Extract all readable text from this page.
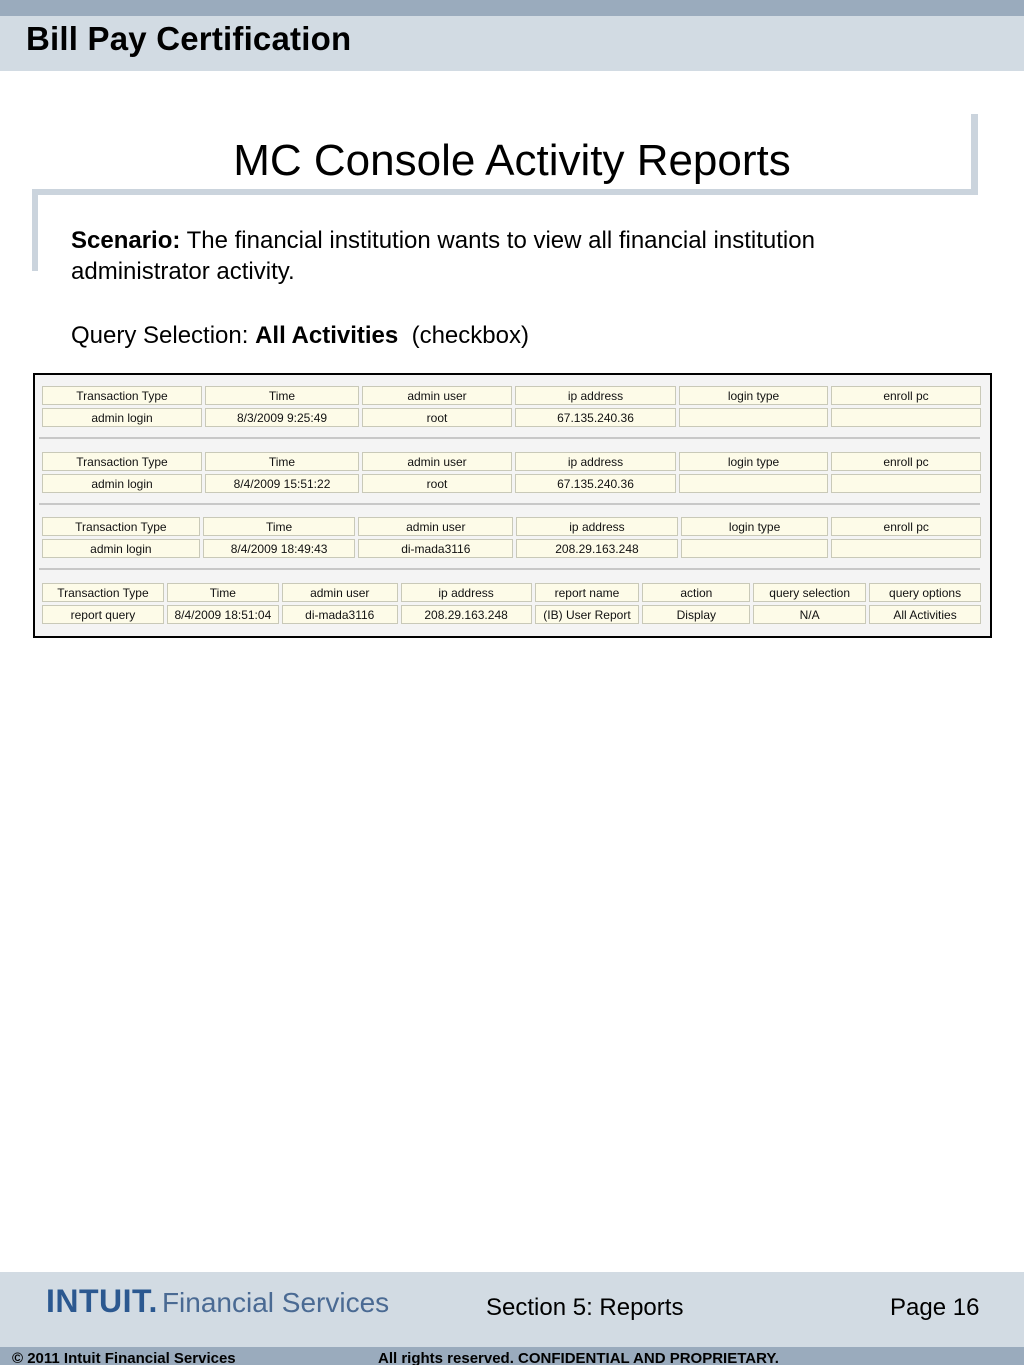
Bill Pay Certification
MC Console Activity Reports

Scenario: The financial institution wants to view all financial institution administrator activity.

Query Selection: All Activities  (checkbox)

Transaction Type	Time	admin user	ip address	login type	enroll pc
admin login	8/3/2009 9:25:49	root	67.135.240.36		
Transaction Type	Time	admin user	ip address	login type	enroll pc
admin login	8/4/2009 15:51:22	root	67.135.240.36		
Transaction Type	Time	admin user	ip address	login type	enroll pc
admin login	8/4/2009 18:49:43	di-mada3116	208.29.163.248		
Transaction Type	Time	admin user	ip address	report name	action	query selection	query options
report query	8/4/2009 18:51:04	di-mada3116	208.29.163.248	(IB) User Report	Display	N/A	All Activities
INTUIT. Financial Services	Section 5: Reports	Page 16
© 2011 Intuit Financial Services	All rights reserved. CONFIDENTIAL AND PROPRIETARY.
